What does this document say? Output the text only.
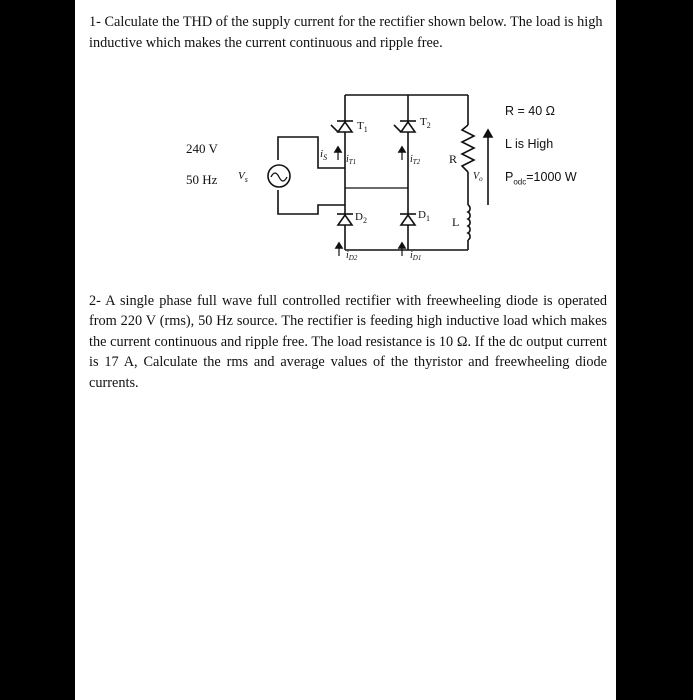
1- Calculate the THD of the supply current for the rectifier shown below. The load is high inductive which makes the current continuous and ripple free.

240 V
50 Hz
R = 40 Ω
L is High
$P_{odc}=1000$ W
$V_s$
$i_S$
$T_1$
$T_2$
$D_2$	$D_1$
$i_{T1}$	$i_{T2}$
$i_{D2}$	$i_{D1}$
R
L
$V_o$

2- A single phase full wave full controlled rectifier with freewheeling diode is operated from 220 V (rms), 50 Hz source. The rectifier is feeding high inductive load which makes the current continuous and ripple free. The load resistance is 10 Ω. If the dc output current is 17 A, Calculate the rms and average values of the thyristor and freewheeling diode currents.
